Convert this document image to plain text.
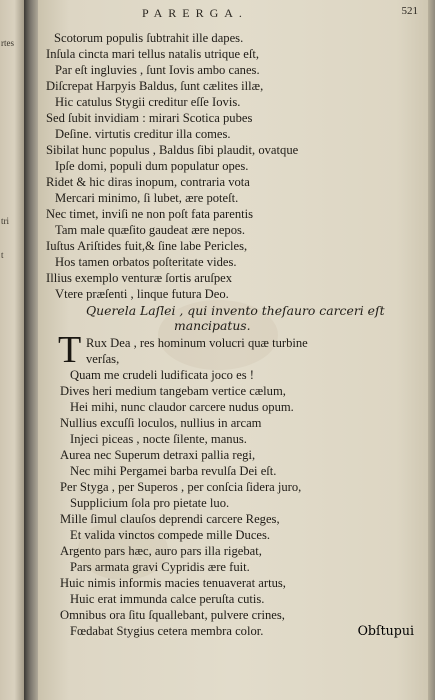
rtes
tri
t
PARERGA.	521
Scotorum populis ſubtrahit ille dapes.
Inſula cincta mari tellus natalis utrique eſt,
Par eſt ingluvies , ſunt Iovis ambo canes.
Diſcrepat Harpyis Baldus, ſunt cælites illæ,
Hic catulus Stygii creditur eſſe Iovis.
Sed ſubit invidiam : mirari Scotica pubes
Deſine. virtutis creditur illa comes.
Sibilat hunc populus , Baldus ſibi plaudit, ovatque
Ipſe domi, populi dum populatur opes.
Ridet & hic diras inopum, contraria vota
Mercari minimo, ſi lubet, ære poteſt.
Nec timet, inviſi ne non poſt fata parentis
Tam male quæſito gaudeat ære nepos.
Iuſtus Ariſtides fuit,& ſine labe Pericles,
Hos tamen orbatos poſteritate vides.
Illius exemplo venturæ ſortis aruſpex
Vtere præſenti , linque futura Deo.
Querela Laſlei , qui invento theſauro carceri eſt
mancipatus.
T Rux Dea , res hominum volucri quæ turbine
verſas,
Quam me crudeli ludificata joco es !
Dives heri medium tangebam vertice cælum,
Hei mihi, nunc claudor carcere nudus opum.
Nullius excuſſi loculos, nullius in arcam
Injeci piceas , nocte ſilente, manus.
Aurea nec Superum detraxi pallia regi,
Nec mihi Pergamei barba revulſa Dei eſt.
Per Styga , per Superos , per conſcia ſidera juro,
Supplicium ſola pro pietate luo.
Mille ſimul clauſos deprendi carcere Reges,
Et valida vinctos compede mille Duces.
Argento pars hæc, auro pars illa rigebat,
Pars armata gravi Cypridis ære fuit.
Huic nimis informis macies tenuaverat artus,
Huic erat immunda calce peruſta cutis.
Omnibus ora ſitu ſquallebant, pulvere crines,
Fœdabat Stygius cetera membra color.	Obſtupui
